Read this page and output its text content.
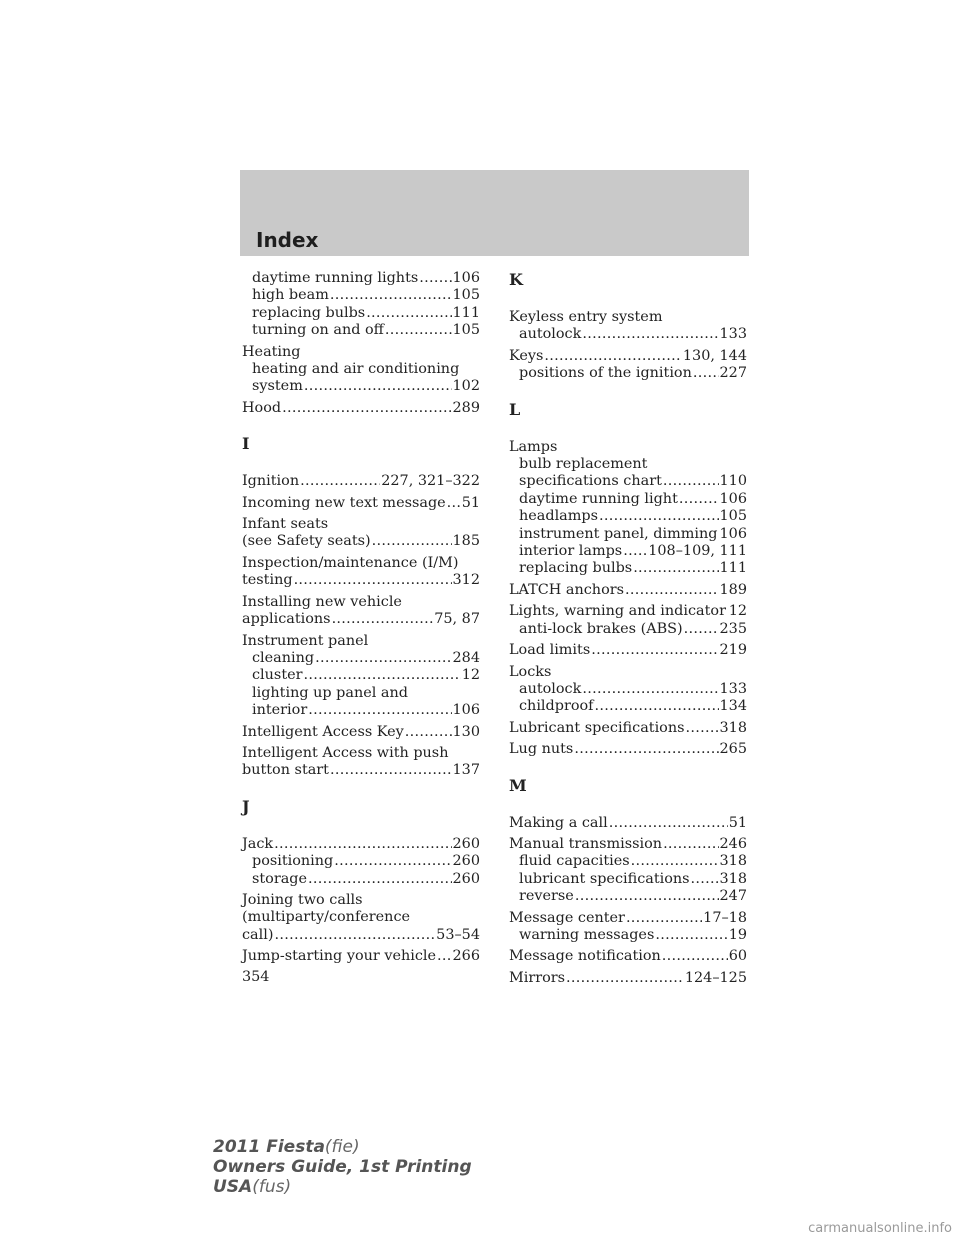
Index
daytime running lights ..... 106
high beam .....	105
replacing bulbs .....	111
turning on and off .....	105
Heating
heating and air conditioning
system .....	102
Hood .....	289
I
Ignition .....	227, 321–322
Incoming new text message ..... 51
Infant seats
(see Safety seats) .....	185
Inspection/maintenance (I/M)
testing .....	312
Installing new vehicle
applications .....	75, 87
Instrument panel
cleaning .....	284
cluster .....	12
lighting up panel and
interior .....	106
Intelligent Access Key .....	130
Intelligent Access with push
button start .....	137
J
Jack .....	260
positioning .....	260
storage .....	260
Joining two calls
(multiparty/conference
call) .....	53–54
Jump-starting your vehicle ..... 266
K
Keyless entry system
autolock .....	133
Keys .....	130, 144
positions of the ignition ..... 227
L
Lamps
bulb replacement
specifications chart .....	110
daytime running light .....	106
headlamps .....	105
instrument panel, dimming ..... 106
interior lamps ..... 108–109, 111
replacing bulbs .....	111
LATCH anchors .....	189
Lights, warning and indicator ..... 12
anti-lock brakes (ABS) .....	235
Load limits .....	219
Locks
autolock .....	133
childproof .....	134
Lubricant specifications ..... 318
Lug nuts .....	265
M
Making a call .....	51
Manual transmission .....	246
fluid capacities .....	318
lubricant specifications ..... 318
reverse .....	247
Message center .....	17–18
warning messages .....	19
Message notification .....	60
Mirrors .....	124–125
354
2011 Fiesta(fie)
Owners Guide, 1st Printing
USA(fus)
carmanualsonline.info
